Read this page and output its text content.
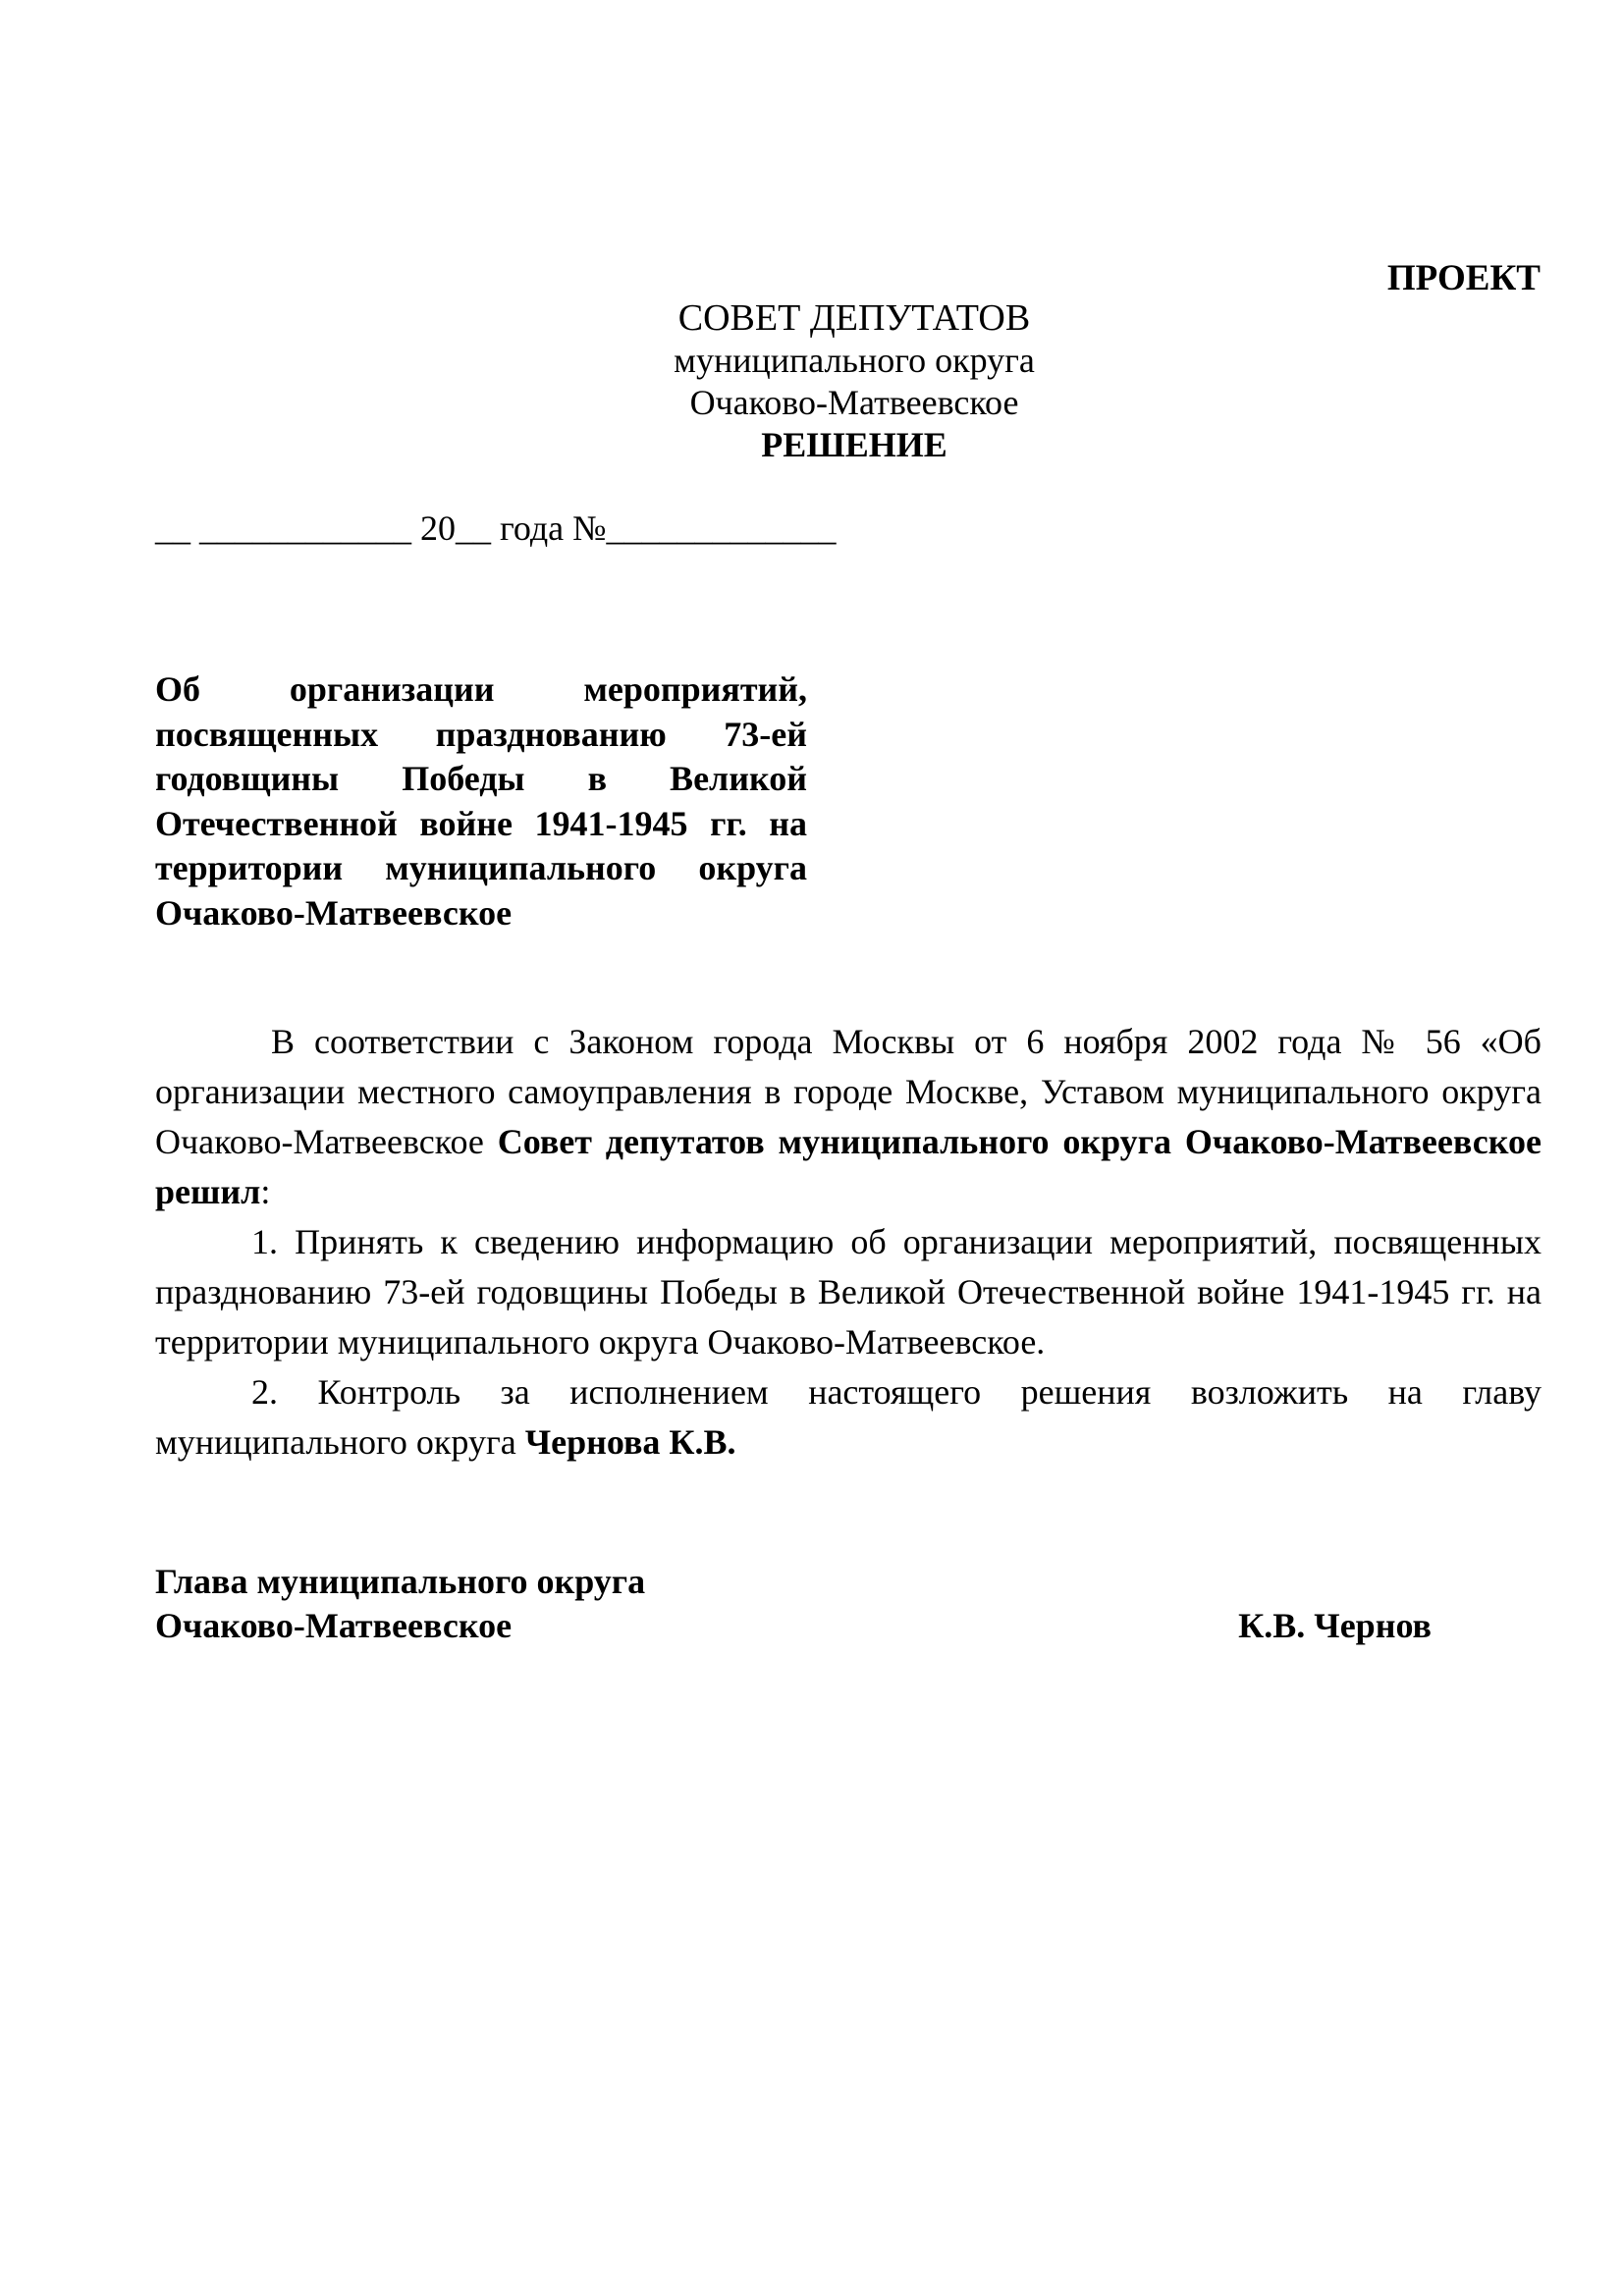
ПРОЕКТ
СОВЕТ ДЕПУТАТОВ
муниципального округа
Очаково-Матвеевское
РЕШЕНИЕ
__ ____________ 20__ года №_____________
Об организации мероприятий,
посвященных празднованию 73-ей
годовщины Победы в Великой
Отечественной войне 1941-1945 гг. на
территории муниципального округа
Очаково-Матвеевское

В соответствии с Законом города Москвы от 6 ноября 2002 года № 56 «Об организации местного самоуправления в городе Москве, Уставом муниципального округа Очаково-Матвеевское Совет депутатов муниципального округа Очаково-Матвеевское решил:

1. Принять к сведению информацию об организации мероприятий, посвященных празднованию 73-ей годовщины Победы в Великой Отечественной войне 1941-1945 гг. на территории муниципального округа Очаково-Матвеевское.

2. Контроль за исполнением настоящего решения возложить на главу муниципального округа Чернова К.В.

Глава муниципального округа
Очаково-Матвеевское	К.В. Чернов
